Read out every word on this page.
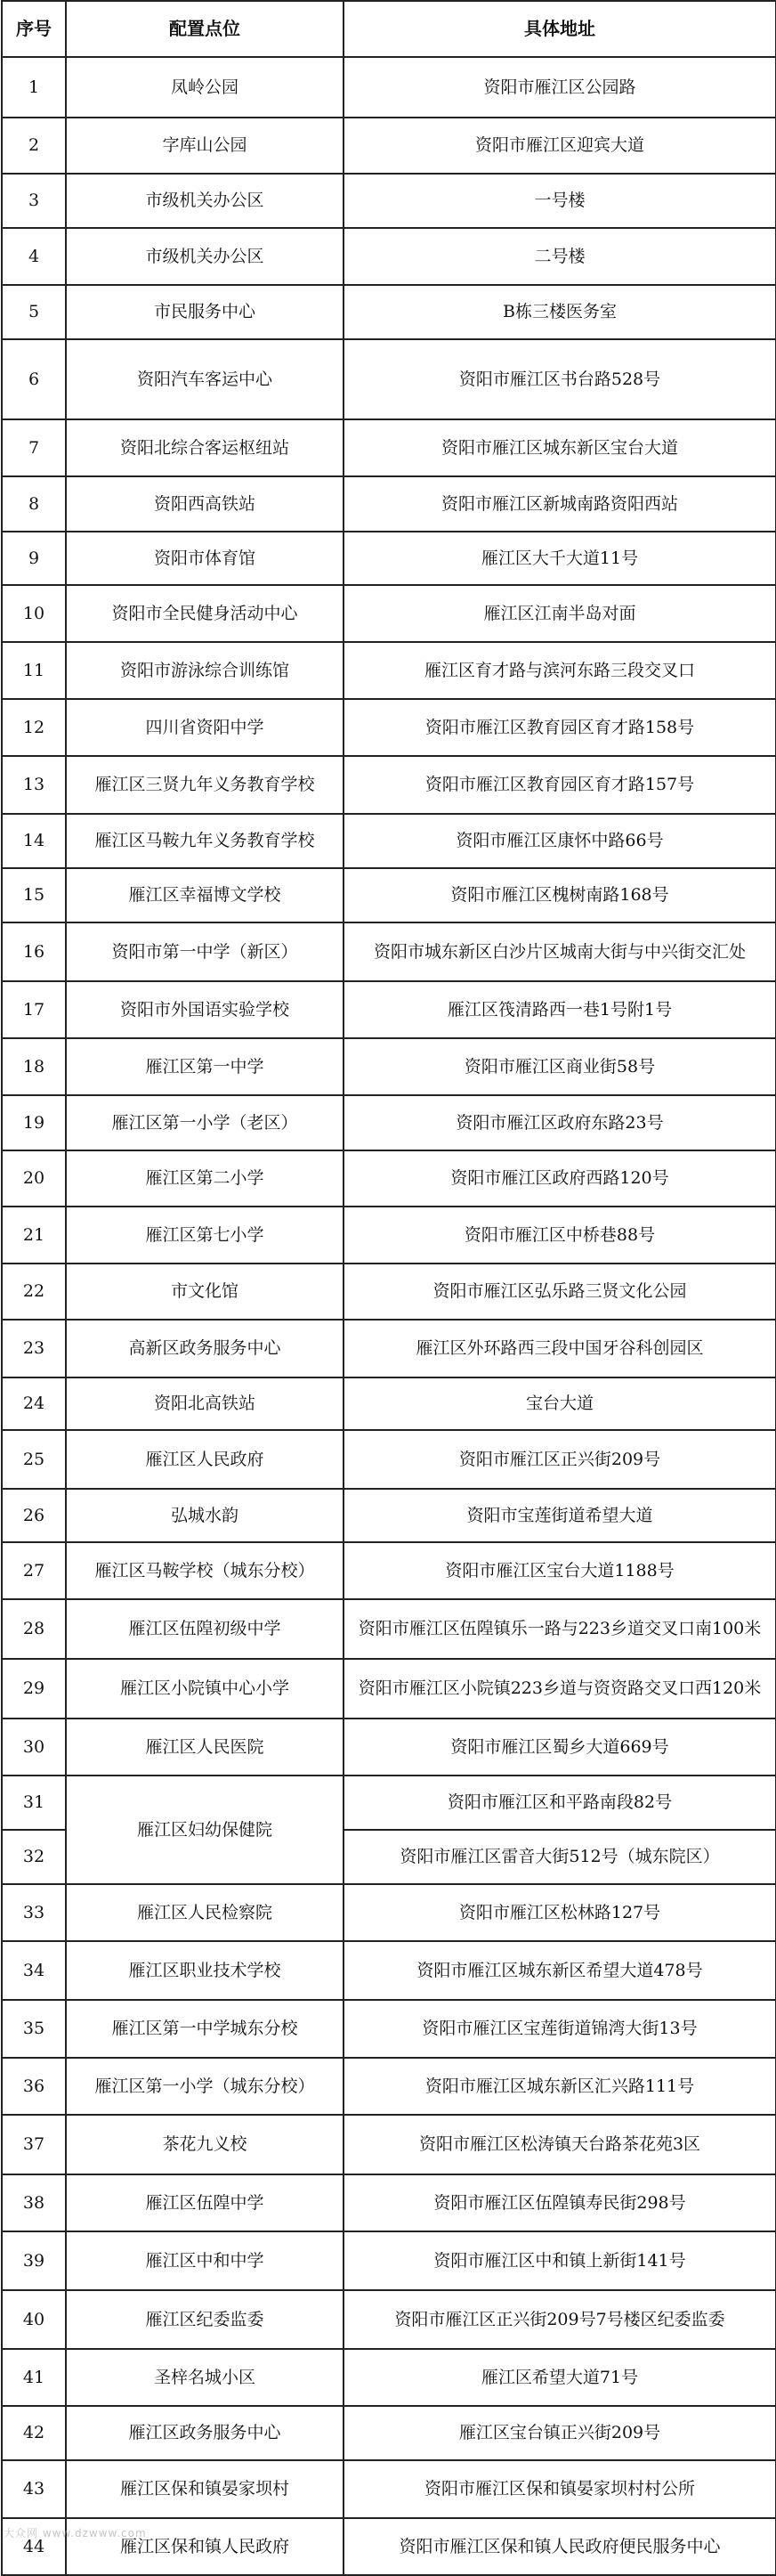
序号	配置点位	具体地址
1	凤岭公园	资阳市雁江区公园路
2	字库山公园	资阳市雁江区迎宾大道
3	市级机关办公区	一号楼
4	市级机关办公区	二号楼
5	市民服务中心	B栋三楼医务室
6	资阳汽车客运中心	资阳市雁江区书台路528号
7	资阳北综合客运枢纽站	资阳市雁江区城东新区宝台大道
8	资阳西高铁站	资阳市雁江区新城南路资阳西站
9	资阳市体育馆	雁江区大千大道11号
10	资阳市全民健身活动中心	雁江区江南半岛对面
11	资阳市游泳综合训练馆	雁江区育才路与滨河东路三段交叉口
12	四川省资阳中学	资阳市雁江区教育园区育才路158号
13	雁江区三贤九年义务教育学校	资阳市雁江区教育园区育才路157号
14	雁江区马鞍九年义务教育学校	资阳市雁江区康怀中路66号
15	雁江区幸福博文学校	资阳市雁江区槐树南路168号
16	资阳市第一中学（新区）	资阳市城东新区白沙片区城南大街与中兴街交汇处
17	资阳市外国语实验学校	雁江区筏清路西一巷1号附1号
18	雁江区第一中学	资阳市雁江区商业街58号
19	雁江区第一小学（老区）	资阳市雁江区政府东路23号
20	雁江区第二小学	资阳市雁江区政府西路120号
21	雁江区第七小学	资阳市雁江区中桥巷88号
22	市文化馆	资阳市雁江区弘乐路三贤文化公园
23	高新区政务服务中心	雁江区外环路西三段中国牙谷科创园区
24	资阳北高铁站	宝台大道
25	雁江区人民政府	资阳市雁江区正兴街209号
26	弘城水韵	资阳市宝莲街道希望大道
27	雁江区马鞍学校（城东分校）	资阳市雁江区宝台大道1188号
28	雁江区伍隍初级中学	资阳市雁江区伍隍镇乐一路与223乡道交叉口南100米
29	雁江区小院镇中心小学	资阳市雁江区小院镇223乡道与资资路交叉口西120米
30	雁江区人民医院	资阳市雁江区蜀乡大道669号
31	雁江区妇幼保健院	资阳市雁江区和平路南段82号
32		资阳市雁江区雷音大街512号（城东院区）
33	雁江区人民检察院	资阳市雁江区松林路127号
34	雁江区职业技术学校	资阳市雁江区城东新区希望大道478号
35	雁江区第一中学城东分校	资阳市雁江区宝莲街道锦湾大街13号
36	雁江区第一小学（城东分校）	资阳市雁江区城东新区汇兴路111号
37	茶花九义校	资阳市雁江区松涛镇天台路茶花苑3区
38	雁江区伍隍中学	资阳市雁江区伍隍镇寿民街298号
39	雁江区中和中学	资阳市雁江区中和镇上新街141号
40	雁江区纪委监委	资阳市雁江区正兴街209号7号楼区纪委监委
41	圣梓名城小区	雁江区希望大道71号
42	雁江区政务服务中心	雁江区宝台镇正兴街209号
43	雁江区保和镇晏家坝村	资阳市雁江区保和镇晏家坝村村公所
44	雁江区保和镇人民政府	资阳市雁江区保和镇人民政府便民服务中心
大众网 www.dzwww.com
